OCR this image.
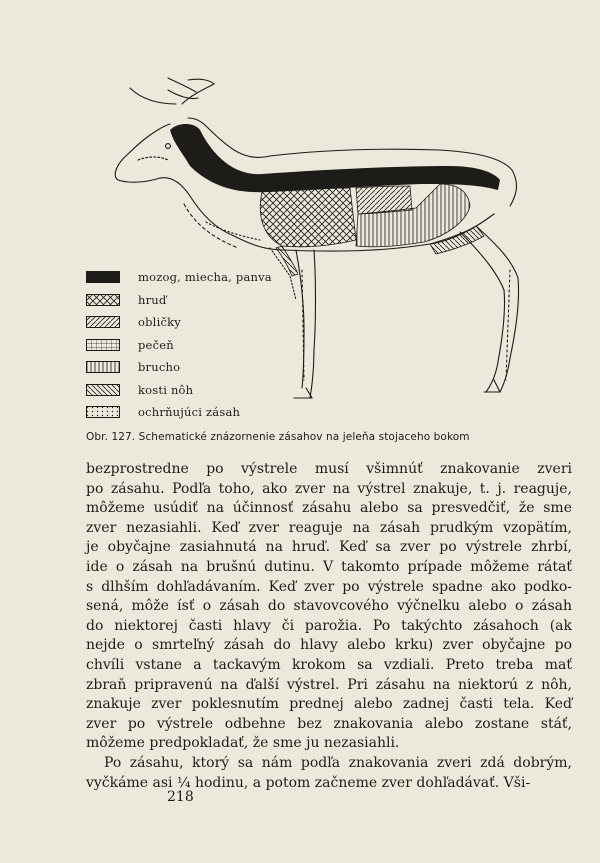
mozog, miecha, panva
hruď
obličky
pečeň
brucho
kosti nôh
ochrňujúci zásah
Obr. 127. Schematické znázornenie zásahov na jeleňa stojaceho bokom
bezprostredne po výstrele musí všimnúť znakovanie zveri
po zásahu. Podľa toho, ako zver na výstrel znakuje, t. j. reaguje,
môžeme usúdiť na účinnosť zásahu alebo sa presvedčiť, že sme
zver nezasiahli. Keď zver reaguje na zásah prudkým vzopätím,
je obyčajne zasiahnutá na hruď. Keď sa zver po výstrele zhrbí,
ide o zásah na brušnú dutinu. V takomto prípade môžeme rátať
s dlhším dohľadávaním. Keď zver po výstrele spadne ako podko-
sená, môže ísť o zásah do stavovcového výčnelku alebo o zásah
do niektorej časti hlavy či parožia. Po takýchto zásahoch (ak
nejde o smrteľný zásah do hlavy alebo krku) zver obyčajne po
chvíli vstane a tackavým krokom sa vzdiali. Preto treba mať
zbraň pripravenú na ďalší výstrel. Pri zásahu na niektorú z nôh,
znakuje zver poklesnutím prednej alebo zadnej časti tela. Keď
zver po výstrele odbehne bez znakovania alebo zostane stáť,
môžeme predpokladať, že sme ju nezasiahli.
Po zásahu, ktorý sa nám podľa znakovania zveri zdá dobrým,
vyčkáme asi ¼ hodinu, a potom začneme zver dohľadávať. Vši-
218
